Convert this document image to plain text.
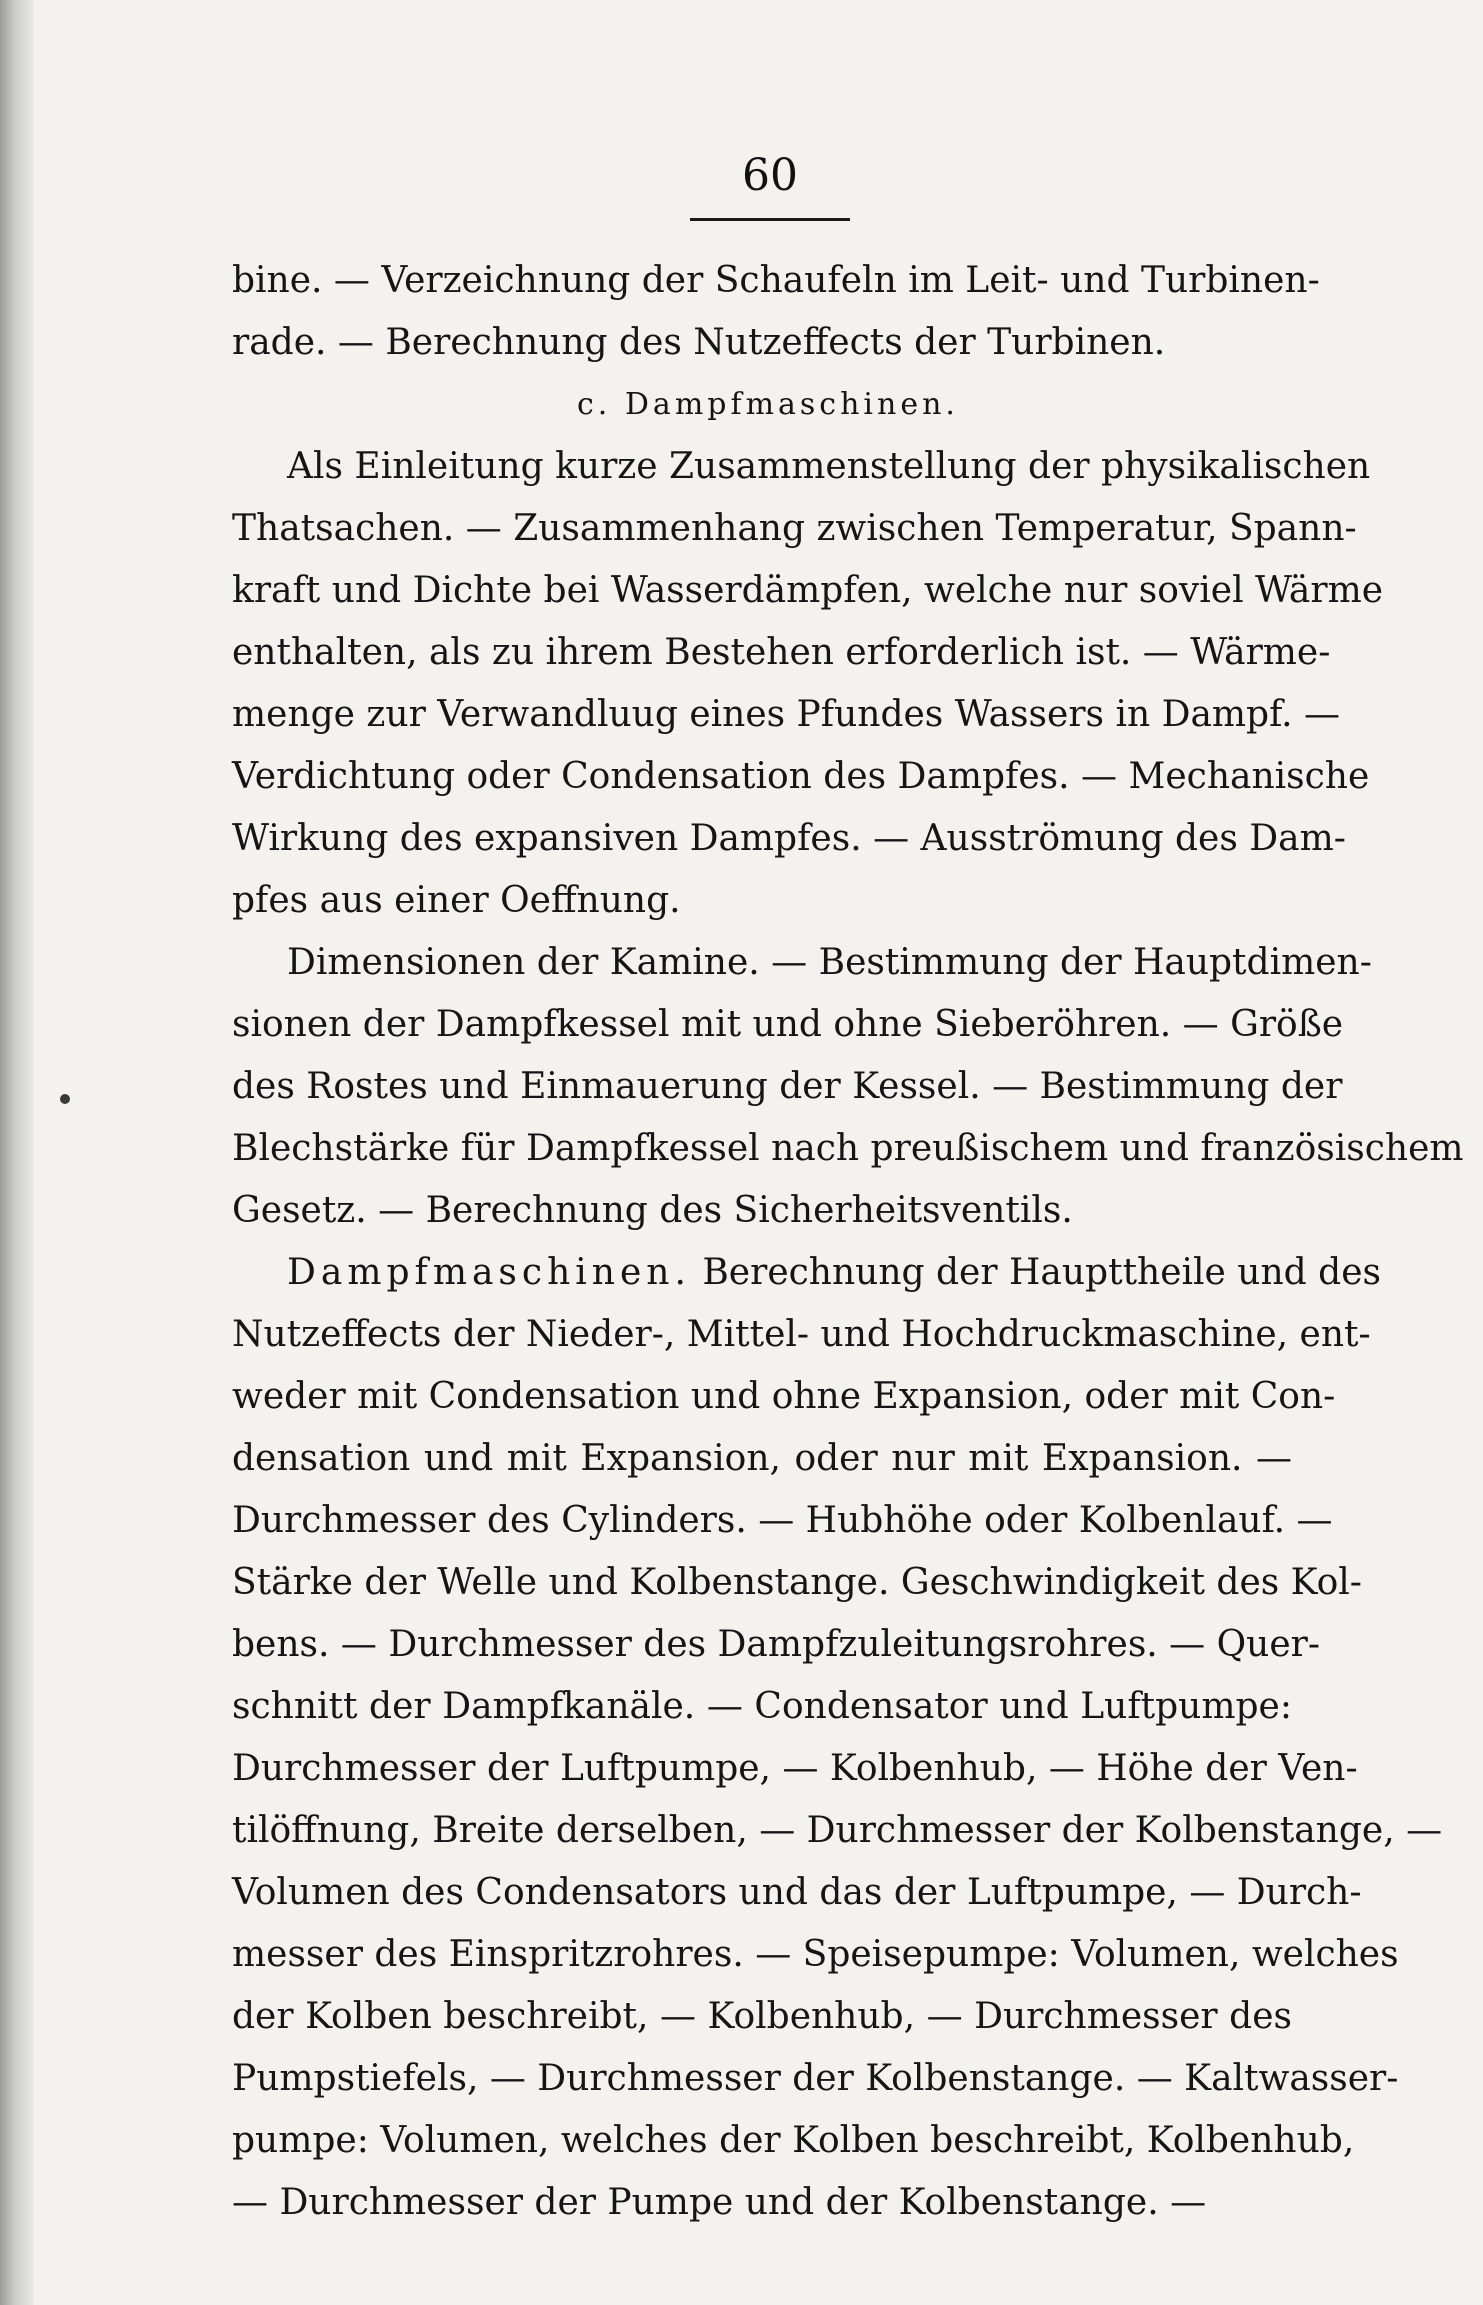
60
bine. — Verzeichnung der Schaufeln im Leit- und Turbinen-
rade. — Berechnung des Nutzeffects der Turbinen.
c. Dampfmaschinen.
Als Einleitung kurze Zusammenstellung der physikalischen
Thatsachen. — Zusammenhang zwischen Temperatur, Spann-
kraft und Dichte bei Wasserdämpfen, welche nur soviel Wärme
enthalten, als zu ihrem Bestehen erforderlich ist. — Wärme-
menge zur Verwandluug eines Pfundes Wassers in Dampf. —
Verdichtung oder Condensation des Dampfes. — Mechanische
Wirkung des expansiven Dampfes. — Ausströmung des Dam-
pfes aus einer Oeffnung.
Dimensionen der Kamine. — Bestimmung der Hauptdimen-
sionen der Dampfkessel mit und ohne Sieberöhren. — Größe
des Rostes und Einmauerung der Kessel. — Bestimmung der
Blechstärke für Dampfkessel nach preußischem und französischem
Gesetz. — Berechnung des Sicherheitsventils.
Dampfmaschinen. Berechnung der Haupttheile und des
Nutzeffects der Nieder-, Mittel- und Hochdruckmaschine, ent-
weder mit Condensation und ohne Expansion, oder mit Con-
densation und mit Expansion, oder nur mit Expansion. —
Durchmesser des Cylinders. — Hubhöhe oder Kolbenlauf. —
Stärke der Welle und Kolbenstange. Geschwindigkeit des Kol-
bens. — Durchmesser des Dampfzuleitungsrohres. — Quer-
schnitt der Dampfkanäle. — Condensator und Luftpumpe:
Durchmesser der Luftpumpe, — Kolbenhub, — Höhe der Ven-
tilöffnung, Breite derselben, — Durchmesser der Kolbenstange, —
Volumen des Condensators und das der Luftpumpe, — Durch-
messer des Einspritzrohres. — Speisepumpe: Volumen, welches
der Kolben beschreibt, — Kolbenhub, — Durchmesser des
Pumpstiefels, — Durchmesser der Kolbenstange. — Kaltwasser-
pumpe: Volumen, welches der Kolben beschreibt, Kolbenhub,
— Durchmesser der Pumpe und der Kolbenstange. —
